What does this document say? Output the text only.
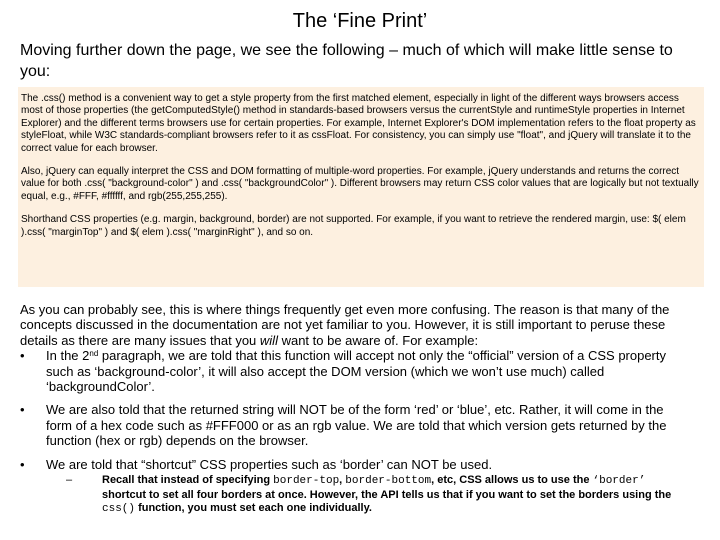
The ‘Fine Print’
Moving further down the page, we see the following – much of which will make little sense to you:

The .css() method is a convenient way to get a style property from the first matched element, especially in light of the different ways browsers access most of those properties (the getComputedStyle() method in standards-based browsers versus the currentStyle and runtimeStyle properties in Internet Explorer) and the different terms browsers use for certain properties. For example, Internet Explorer's DOM implementation refers to the float property as styleFloat, while W3C standards-compliant browsers refer to it as cssFloat. For consistency, you can simply use "float", and jQuery will translate it to the correct value for each browser.

Also, jQuery can equally interpret the CSS and DOM formatting of multiple-word properties. For example, jQuery understands and returns the correct value for both .css( "background-color" ) and .css( "backgroundColor" ). Different browsers may return CSS color values that are logically but not textually equal, e.g., #FFF, #ffffff, and rgb(255,255,255).

Shorthand CSS properties (e.g. margin, background, border) are not supported. For example, if you want to retrieve the rendered margin, use: $( elem ).css( "marginTop" ) and $( elem ).css( "marginRight" ), and so on.

As you can probably see, this is where things frequently get even more confusing. The reason is that many of the concepts discussed in the documentation are not yet familiar to you. However, it is still important to peruse these details as there are many issues that you will want to be aware of. For example:

• In the 2nd paragraph, we are told that this function will accept not only the “official” version of a CSS property such as ‘background-color’, it will also accept the DOM version (which we won’t use much) called ‘backgroundColor’.
• We are also told that the returned string will NOT be of the form ‘red’ or ‘blue’, etc. Rather, it will come in the form of a hex code such as #FFF000 or as an rgb value. We are told that which version gets returned by the function (hex or rgb) depends on the browser.
• We are told that “shortcut” CSS properties such as ‘border’ can NOT be used.
–	Recall that instead of specifying border-top, border-bottom, etc, CSS allows us to use the ‘border’ shortcut to set all four borders at once. However, the API tells us that if you want to set the borders using the css() function, you must set each one individually.
